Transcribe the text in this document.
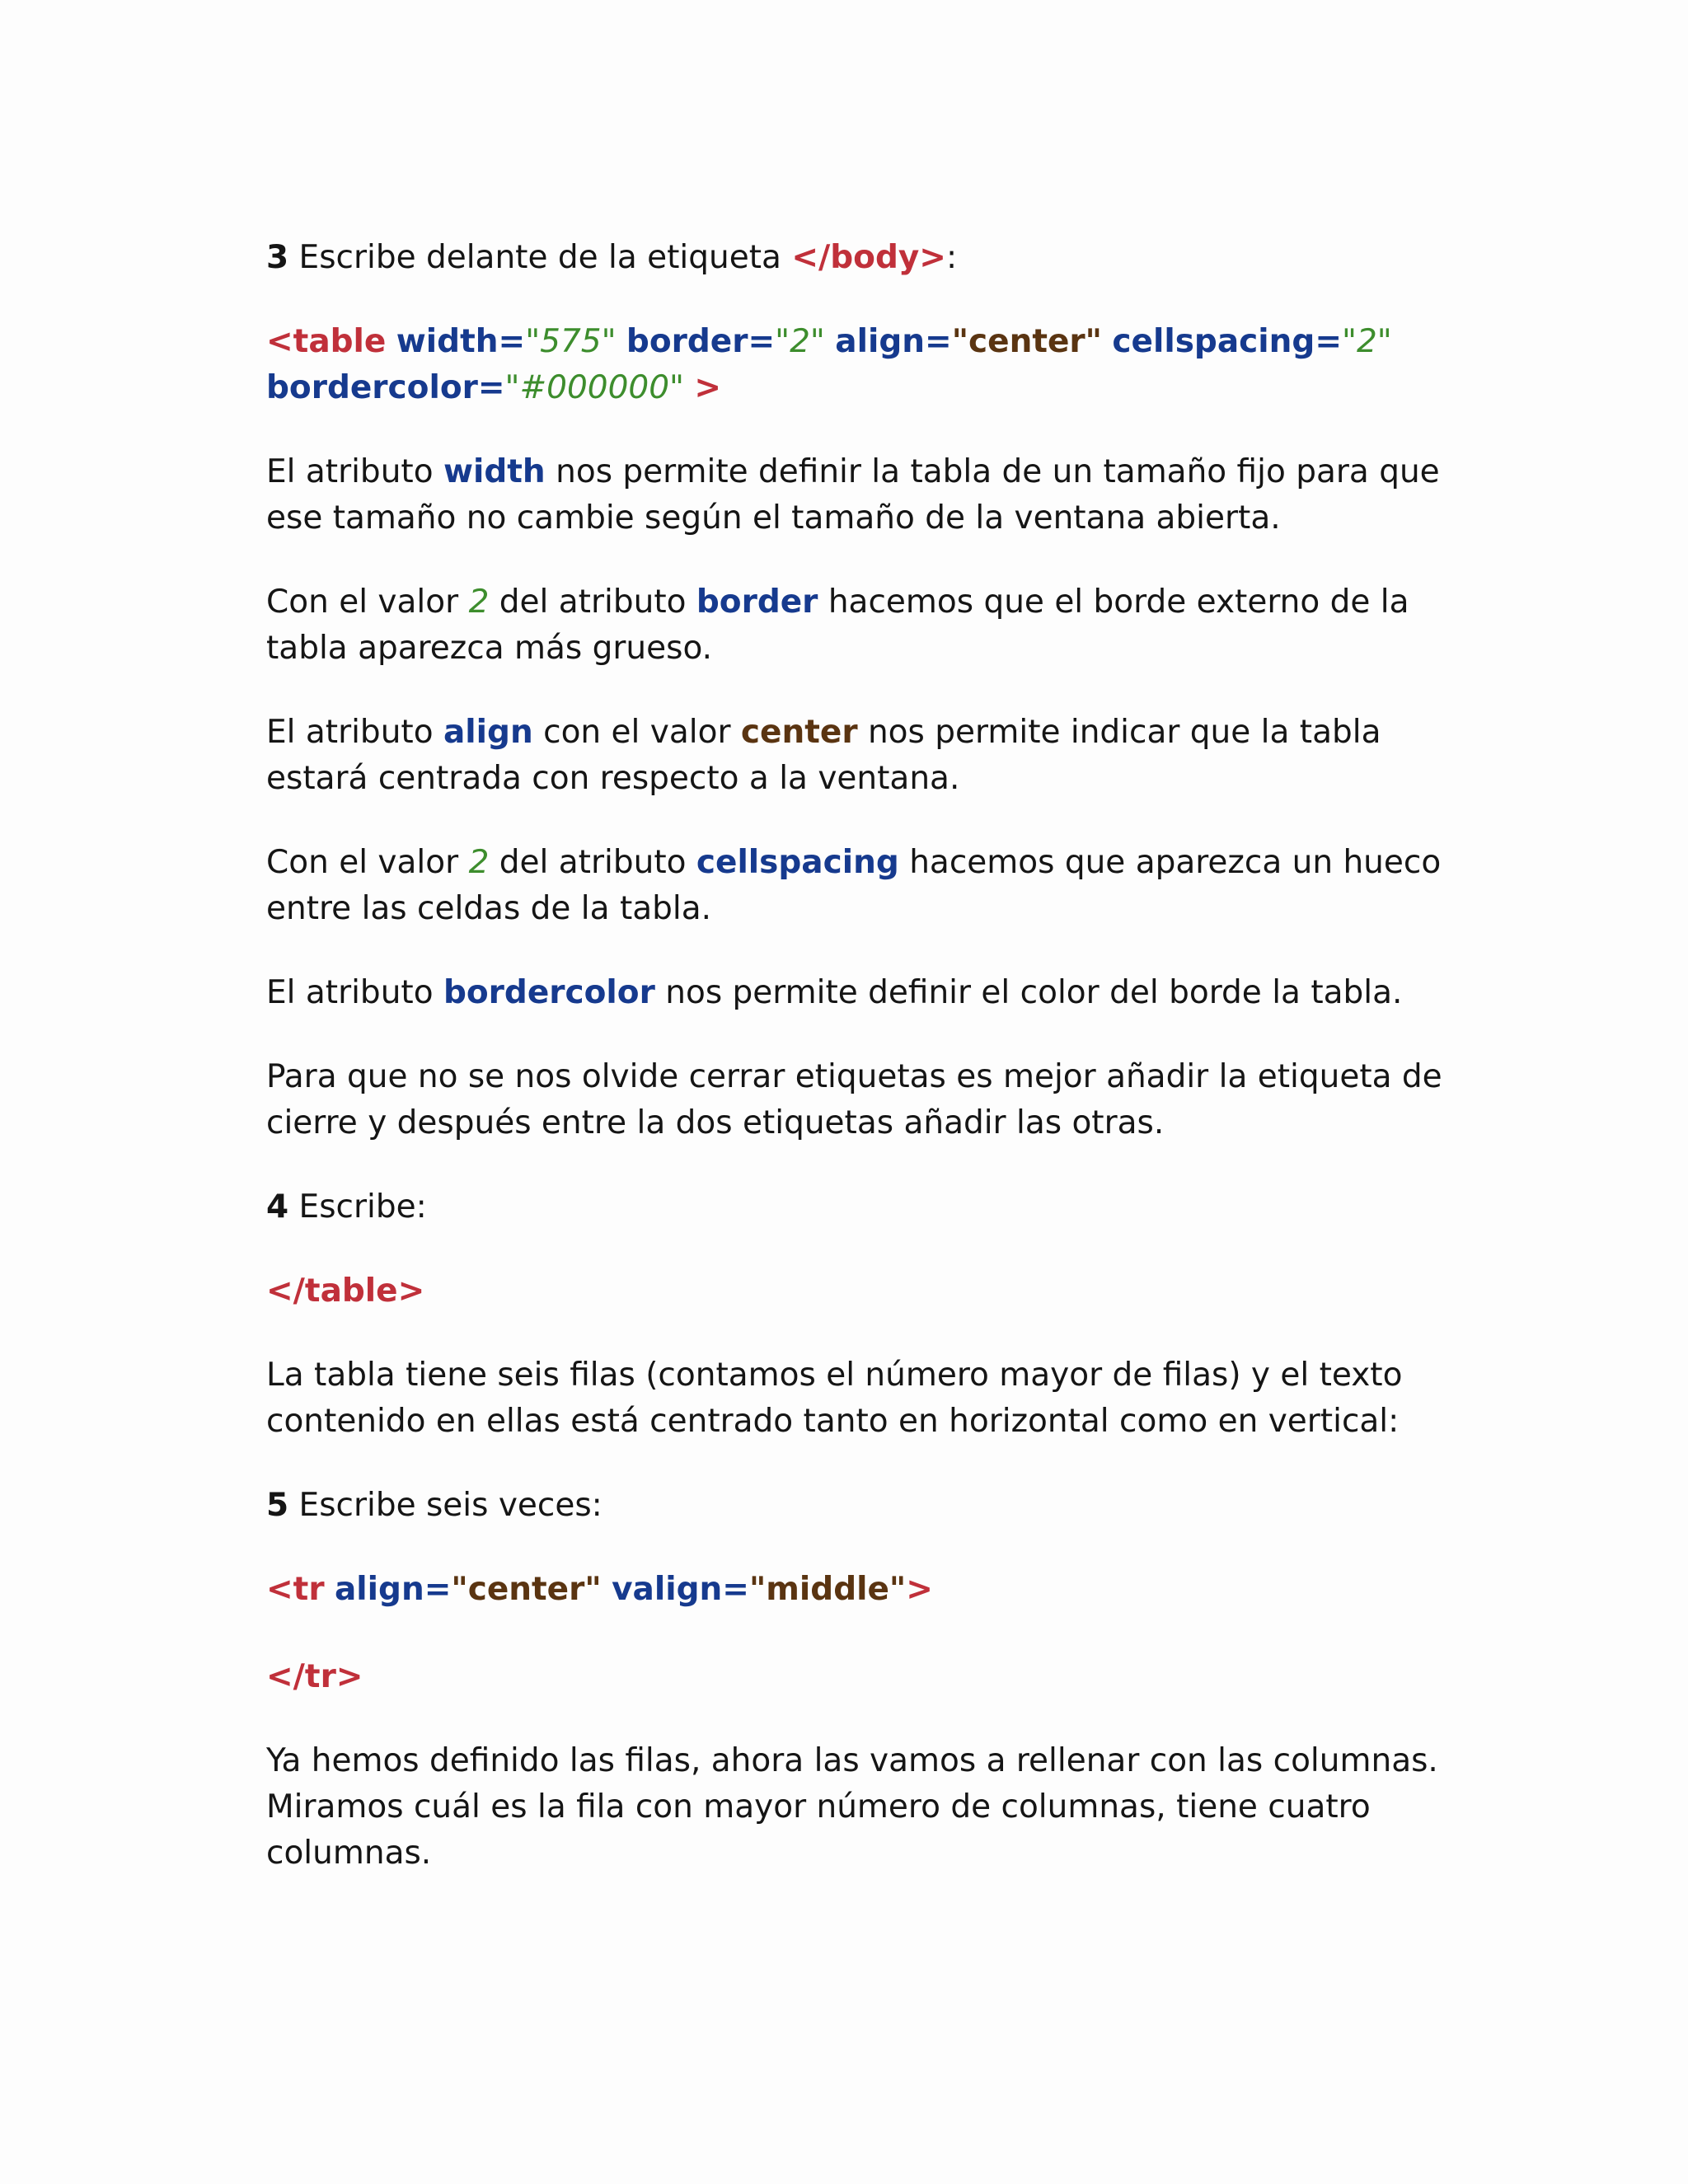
3 Escribe delante de la etiqueta </body>:

<table width="575" border="2" align="center" cellspacing="2"
bordercolor="#000000" >

El atributo width nos permite definir la tabla de un tamaño fijo para que ese tamaño no cambie según el tamaño de la ventana abierta.

Con el valor 2 del atributo border hacemos que el borde externo de la tabla aparezca más grueso.

El atributo align con el valor center nos permite indicar que la tabla estará centrada con respecto a la ventana.

Con el valor 2 del atributo cellspacing hacemos que aparezca un hueco entre las celdas de la tabla.

El atributo bordercolor nos permite definir el color del borde la tabla.

Para que no se nos olvide cerrar etiquetas es mejor añadir la etiqueta de cierre y después entre la dos etiquetas añadir las otras.

4 Escribe:

</table>

La tabla tiene seis filas (contamos el número mayor de filas) y el texto contenido en ellas está centrado tanto en horizontal como en vertical:

5 Escribe seis veces:

<tr align="center" valign="middle">

</tr>

Ya hemos definido las filas, ahora las vamos a rellenar con las columnas. Miramos cuál es la fila con mayor número de columnas, tiene cuatro columnas.
